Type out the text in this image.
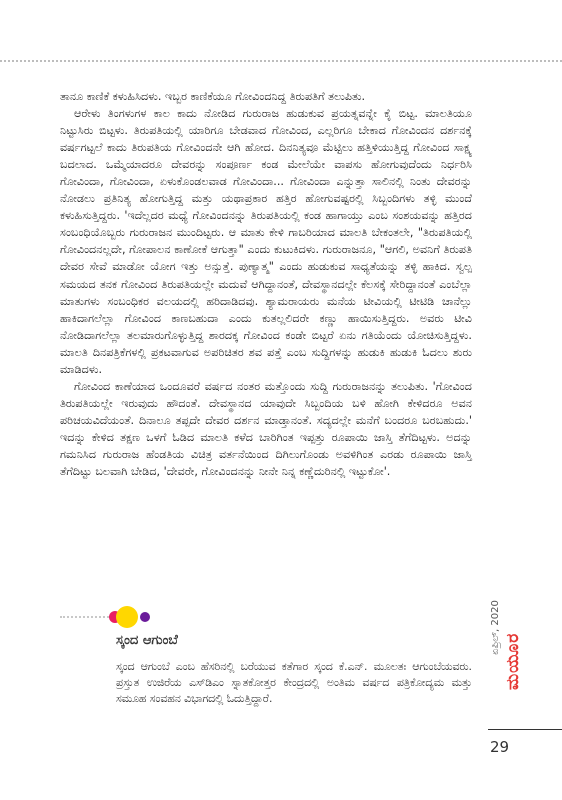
ತಾನೂ ಕಾಣಿಕೆ ಕಳುಹಿಸಿದಳು. ಇಬ್ಬರ ಕಾಣಿಕೆಯೂ ಗೋವಿಂದನಿದ್ದ ತಿರುಪತಿಗೆ ತಲುಪಿತು.

ಆರೇಳು ತಿಂಗಳುಗಳ ಕಾಲ ಕಾದು ನೋಡಿದ ಗುರುರಾಜ ಹುಡುಕುವ ಪ್ರಯತ್ನವನ್ನೇ ಕೈ ಬಿಟ್ಟ. ಮಾಲತಿಯೂ ನಿಟ್ಟುಸಿರು ಬಿಟ್ಟಳು. ತಿರುಪತಿಯಲ್ಲಿ ಯಾರಿಗೂ ಬೇಡವಾದ ಗೋವಿಂದ, ಎಲ್ಲರಿಗೂ ಬೇಕಾದ ಗೋವಿಂದನ ದರ್ಶನಕ್ಕೆ ವರ್ಷಗಟ್ಟಲೆ ಕಾದು ತಿರುಪತಿಯ ಗೋವಿಂದನೇ ಆಗಿ ಹೋದ. ದಿನನಿತ್ಯವೂ ಮೆಟ್ಟಿಲು ಹತ್ತಿಳಿಯುತ್ತಿದ್ದ ಗೋವಿಂದ ಸಾಕ್ಷ್ಯ ಬದಲಾದ. ಒಮ್ಮೆಯಾದರೂ ದೇವರನ್ನು ಸಂಪೂರ್ಣ ಕಂಡ ಮೇಲೆಯೇ ವಾಪಸು ಹೋಗುವುದೆಂದು ನಿರ್ಧರಿಸಿ ಗೋವಿಂದಾ, ಗೋವಿಂದಾ, ಏಳುಕೊಂಡಲವಾಡ ಗೋವಿಂದಾ... ಗೋವಿಂದಾ ಎನ್ನುತ್ತಾ ಸಾಲಿನಲ್ಲಿ ನಿಂತು ದೇವರನ್ನು ನೋಡಲು ಪ್ರತಿನಿತ್ಯ ಹೋಗುತ್ತಿದ್ದ ಮತ್ತು ಯಥಾಪ್ರಕಾರ ಹತ್ತಿರ ಹೋಗುವಷ್ಟರಲ್ಲಿ ಸಿಬ್ಬಂದಿಗಳು ತಳ್ಳಿ ಮುಂದೆ ಕಳುಹಿಸುತ್ತಿದ್ದರು. 'ಇದೆಲ್ಲದರ ಮಧ್ಯೆ ಗೋವಿಂದನನ್ನು ತಿರುಪತಿಯಲ್ಲಿ ಕಂಡ ಹಾಗಾಯ್ತು ಎಂಬ ಸಂಶಯವನ್ನು ಹತ್ತಿರದ ಸಂಬಂಧಿಯೊಬ್ಬರು ಗುರುರಾಜನ ಮುಂದಿಟ್ಟರು. ಆ ಮಾತು ಕೇಳಿ ಗಾಬರಿಯಾದ ಮಾಲತಿ ಬೇಕಂತಲೇ, "ತಿರುಪತಿಯಲ್ಲಿ ಗೋವಿಂದನಲ್ಲದೇ, ಗೋಪಾಲನ ಕಾಣೋಕೆ ಆಗುತ್ತಾ" ಎಂದು ಕುಟುಕಿದಳು. ಗುರುರಾಜನೂ, "ಆಗಲಿ, ಅವನಿಗೆ ತಿರುಪತಿ ದೇವರ ಸೇವೆ ಮಾಡೋ ಯೋಗ ಇತ್ತು ಅನ್ಸುತ್ತೆ. ಪುಣ್ಯಾತ್ಮ" ಎಂದು ಹುಡುಕುವ ಸಾಧ್ಯತೆಯನ್ನು ತಳ್ಳಿ ಹಾಕಿದ. ಸ್ವಲ್ಪ ಸಮಯದ ತನಕ ಗೋವಿಂದ ತಿರುಪತಿಯಲ್ಲೇ ಮದುವೆ ಆಗಿದ್ದಾನಂತೆ, ದೇವಸ್ಥಾನದಲ್ಲೇ ಕೆಲಸಕ್ಕೆ ಸೇರಿದ್ದಾನಂತೆ ಎಂಬೆಲ್ಲಾ ಮಾತುಗಳು ಸಂಬಂಧಿಕರ ವಲಯದಲ್ಲಿ ಹರಿದಾಡಿದವು. ಶ್ಯಾಮರಾಯರು ಮನೆಯ ಟೀವಿಯಲ್ಲಿ ಟೀಟಿಡಿ ಚಾನೆಲ್ಲು ಹಾಕಿದಾಗಲೆಲ್ಲಾ ಗೋವಿಂದ ಕಾಣಬಹುದಾ ಎಂದು ಕುತಲ್ಲಲಿದರೇ ಕಣ್ಣು ಹಾಯಿಸುತ್ತಿದ್ದರು. ಅವರು ಟೀವಿ ನೋಡಿದಾಗಲೆಲ್ಲಾ ತಲಮಾರುಗೊಳ್ಳುತ್ತಿದ್ದ ಶಾರದಕ್ಕ ಗೋವಿಂದ ಕಂಡೇ ಬಿಟ್ಟರೆ ಏನು ಗತಿಯೆಂದು ಯೋಚಿಸುತ್ತಿದ್ದಳು. ಮಾಲತಿ ದಿನಪತ್ರಿಕೆಗಳಲ್ಲಿ ಪ್ರಕಟವಾಗುವ ಅಪರಿಚಿತರ ಶವ ಪತ್ತೆ ಎಂಬ ಸುದ್ದಿಗಳನ್ನು ಹುಡುಕಿ ಹುಡುಕಿ ಓದಲು ಶುರು ಮಾಡಿದಳು.

ಗೋವಿಂದ ಕಾಣೆಯಾದ ಒಂದೂವರೆ ವರ್ಷದ ನಂತರ ಮತ್ತೊಂದು ಸುದ್ದಿ ಗುರುರಾಜನನ್ನು ತಲುಪಿತು. 'ಗೋವಿಂದ ತಿರುಪತಿಯಲ್ಲೇ ಇರುವುದು ಹೌದಂತೆ. ದೇವಸ್ಥಾನದ ಯಾವುದೇ ಸಿಬ್ಬಂದಿಯ ಬಳಿ ಹೋಗಿ ಕೇಳಿದರೂ ಅವನ ಪರಿಚಯವಿದೆಯಂತೆ. ದಿನಾಲೂ ತಪ್ಪದೇ ದೇವರ ದರ್ಶನ ಮಾಡ್ತಾನಂತೆ. ಸದ್ಯದಲ್ಲೇ ಮನೆಗೆ ಬಂದರೂ ಬರಬಹುದು.' ಇದನ್ನು ಕೇಳಿದ ತಕ್ಷಣ ಒಳಗೆ ಓಡಿದ ಮಾಲತಿ ಕಳೆದ ಬಾರಿಗಿಂತ ಇಪ್ಪತ್ತು ರೂಪಾಯಿ ಜಾಸ್ತಿ ತೆಗೆದಿಟ್ಟಳು. ಅದನ್ನು ಗಮನಿಸಿದ ಗುರುರಾಜ ಹೆಂಡತಿಯ ವಿಚಿತ್ರ ವರ್ತನೆಯಿಂದ ದಿಗಿಲುಗೊಂಡು ಅವಳಿಗಿಂತ ಎರಡು ರೂಪಾಯಿ ಜಾಸ್ತಿ ತೆಗೆದಿಟ್ಟು ಬಲವಾಗಿ ಬೇಡಿದ, 'ದೇವರೇ, ಗೋವಿಂದನನ್ನು ನೀನೇ ನಿನ್ನ ಕಣ್ಣೆದುರಿನಲ್ಲಿ ಇಟ್ಟುಕೋ'.

ಸ್ಕಂದ ಆಗುಂಬೆ

ಸ್ಕಂದ ಆಗುಂಬೆ ಎಂಬ ಹೆಸರಿನಲ್ಲಿ ಬರೆಯುವ ಕತೆಗಾರ ಸ್ಕಂದ ಕೆ.ಎನ್. ಮೂಲತಃ ಆಗುಂಬೆಯವರು. ಪ್ರಸ್ತುತ ಉಜಿರೆಯ ಎಸ್‌ಡಿಎಂ ಸ್ನಾತಕೋತ್ತರ ಕೇಂದ್ರದಲ್ಲಿ ಅಂತಿಮ ವರ್ಷದ ಪತ್ರಿಕೋದ್ಯಮ ಮತ್ತು ಸಮೂಹ ಸಂವಹನ ವಿಭಾಗದಲ್ಲಿ ಓದುತ್ತಿದ್ದಾರೆ.

ಏಪ್ರಿಲ್, 2020
ಮಯೂರ
29
